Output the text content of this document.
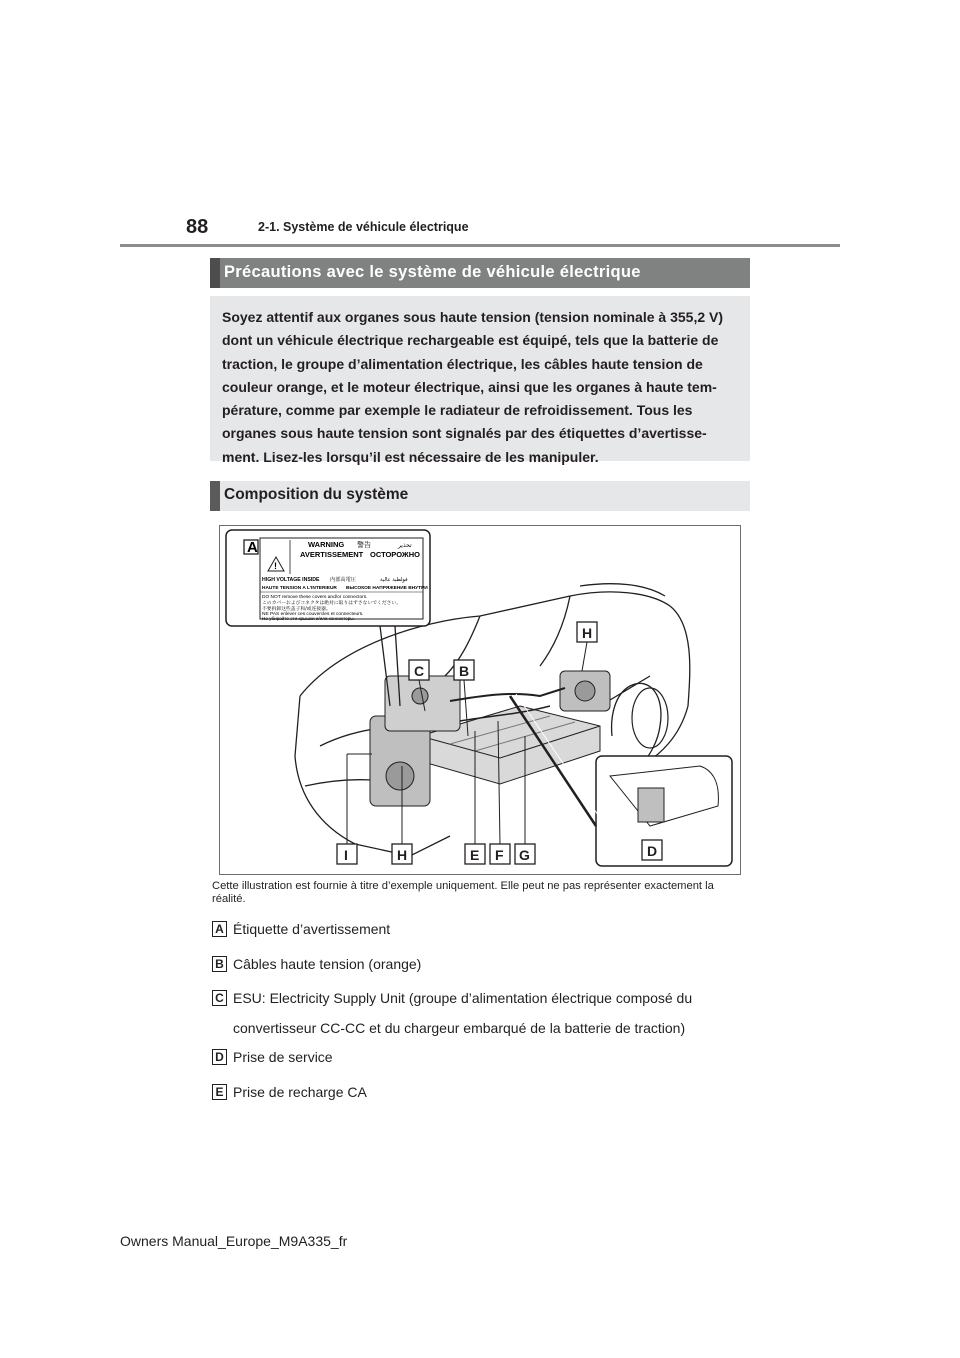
88	2-1. Système de véhicule électrique
Précautions avec le système de véhicule électrique
Soyez attentif aux organes sous haute tension (tension nominale à 355,2 V) dont un véhicule électrique rechargeable est équipé, tels que la batterie de traction, le groupe d’alimentation électrique, les câbles haute tension de couleur orange, et le moteur électrique, ainsi que les organes à haute température, comme par exemple le radiateur de refroidissement. Tous les organes sous haute tension sont signalés par des étiquettes d’avertissement. Lisez-les lorsqu’il est nécessaire de les manipuler.
Composition du système
!
A	WARNING 警告	تحذير
AVERTISSEMENT ОСТОРОЖНО
HIGH VOLTAGE INSIDE 内部高電圧	فولطية عالية
HAUTE TENSION A L'INTERIEUR ВЫСОКОЕ НАПРЯЖЕНИЕ ВНУТРИ
DO NOT remove these covers and/or connectors.
このカバーおよびコネクタは絶対に取りはずさないでください。
不要拆卸这些盖子和/或连接器。
NE PAS enlever ces couvercles et connecteurs.
Не убирайте эти крышки и/или коннекторы.
C B
H
D
I	H	E F G
Cette illustration est fournie à titre d’exemple uniquement. Elle peut ne pas représenter exactement la réalité.
A Étiquette d’avertissement
B Câbles haute tension (orange)
C ESU: Electricity Supply Unit (groupe d’alimentation électrique composé du
convertisseur CC-CC et du chargeur embarqué de la batterie de traction)
D Prise de service
E Prise de recharge CA
Owners Manual_Europe_M9A335_fr
